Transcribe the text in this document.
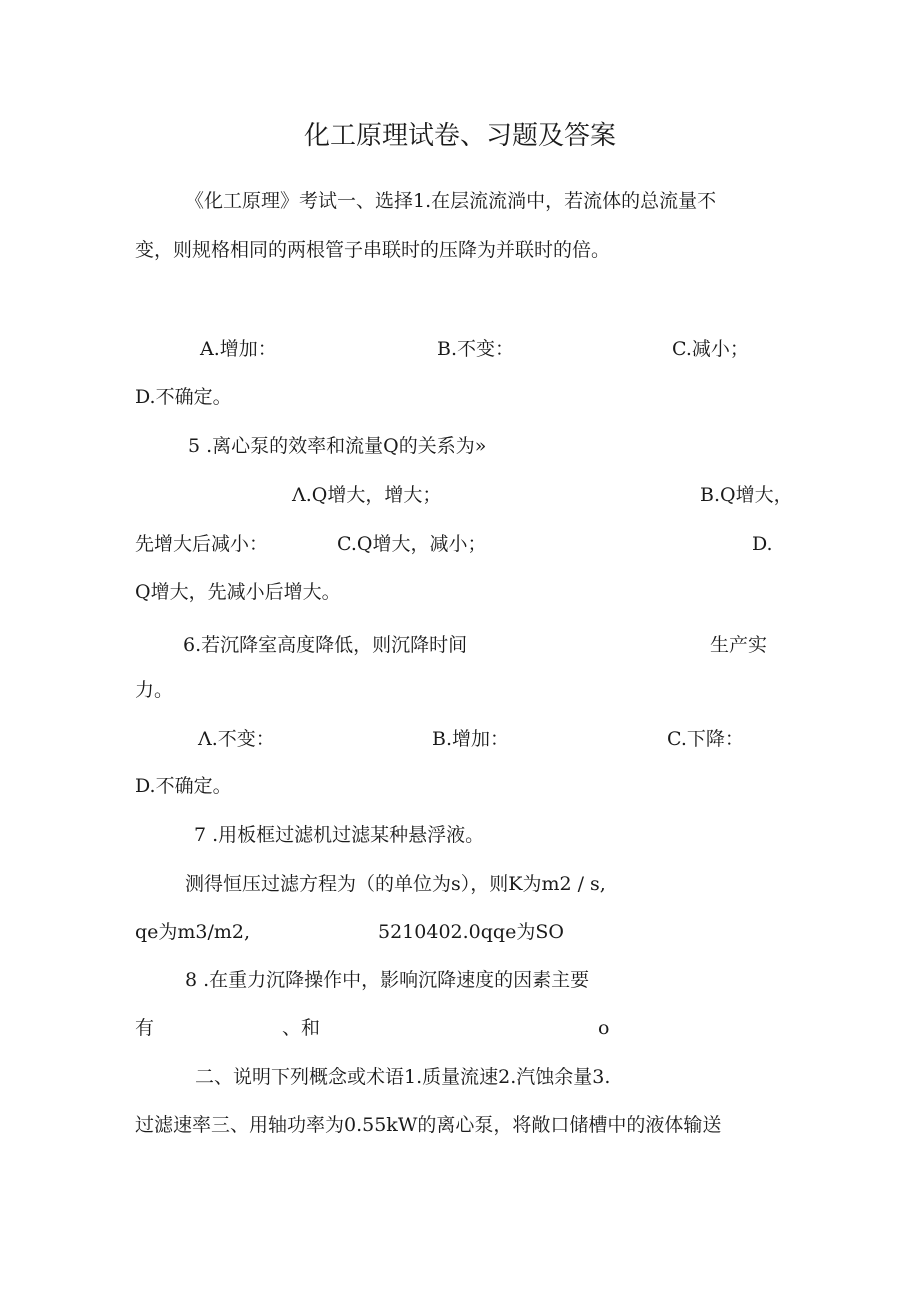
化工原理试卷、习题及答案
《化工原理》考试一、选择1.在层流流淌中，若流体的总流量不
变，则规格相同的两根管子串联时的压降为并联时的倍。
A.增加：	B.不变：	C.减小；
D.不确定。
5 .离心泵的效率和流量Q的关系为»
Λ.Q增大，增大；	B.Q增大，
先增大后减小：	C.Q增大，减小；	D.
Q增大，先减小后增大。
6.若沉降室高度降低，则沉降时间	生产实
力。
Λ.不变：	B.增加：	C.下降：
D.不确定。
7 .用板框过滤机过滤某种悬浮液。
测得恒压过滤方程为（的单位为s），则K为m2 / s,
qe为m3/m2,	5210402.0qqe为SO
8 .在重力沉降操作中，影响沉降速度的因素主要
有	、和	o
二、说明下列概念或术语1.质量流速2.汽蚀余量3.
过滤速率三、用轴功率为0.55kW的离心泵，将敞口储槽中的液体输送
